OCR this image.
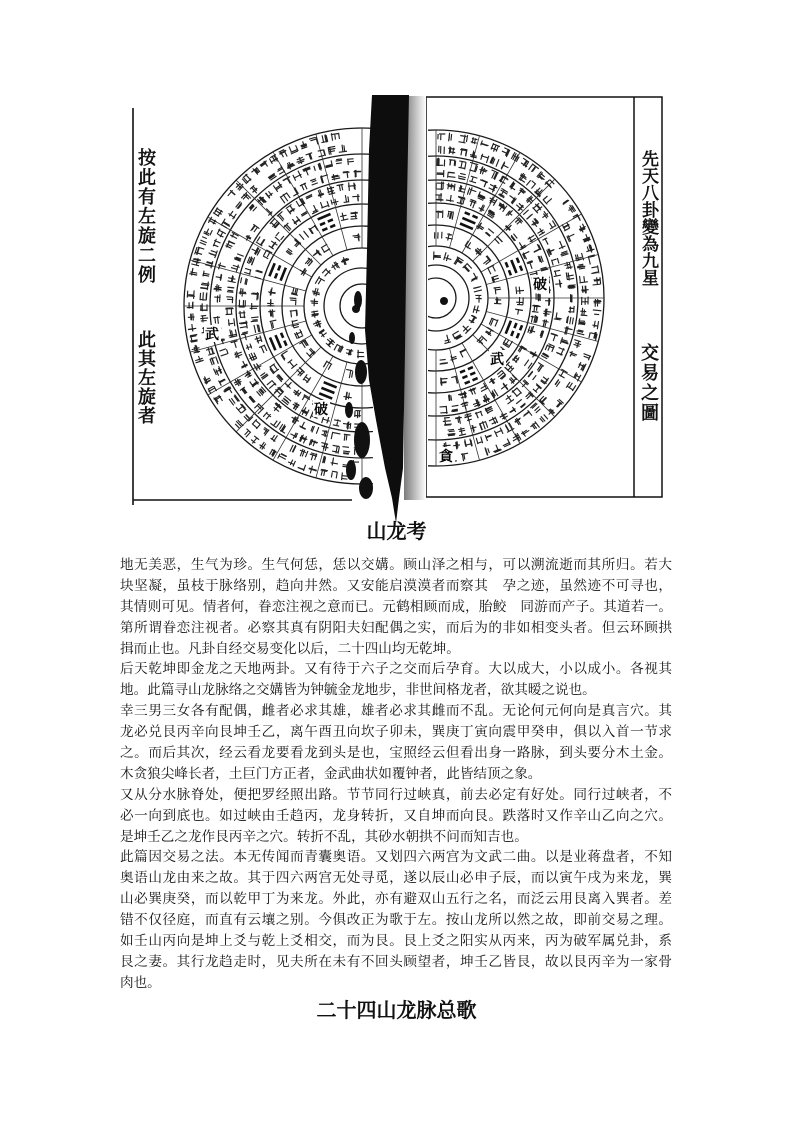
破
武
破
武
貪
按此有左旋二例
此其左旋者
先天八卦變為九星
交易之圖
山龙考
地无美恶，生气为珍。生气何恁，恁以交媾。顾山泽之相与，可以溯流逝而其所归。若大
块坚凝，虽枝于脉络别，趋向井然。又安能启漠漠者而察其　孕之迹，虽然迹不可寻也，
其情则可见。情者何，眷恋注视之意而已。元鹤相顾而成，胎鲛　同游而产子。其道若一。
第所谓眷恋注视者。必察其真有阴阳夫妇配偶之实，而后为的非如相变头者。但云环顾拱
揖而止也。凡卦自经交易变化以后，二十四山均无乾坤。
后天乾坤即金龙之天地两卦。又有待于六子之交而后孕育。大以成大，小以成小。各视其
地。此篇寻山龙脉络之交媾皆为钟毓金龙地步，非世间格龙者，欲其暧之说也。
幸三男三女各有配偶，雌者必求其雄，雄者必求其雌而不乱。无论何元何向是真言穴。其
龙必兑艮丙辛向艮坤壬乙，离午酉丑向坎子卯未，巽庚丁寅向震甲癸申，俱以入首一节求
之。而后其次，经云看龙要看龙到头是也，宝照经云但看出身一路脉，到头要分木土金。
木贪狼尖峰长者，土巨门方正者，金武曲状如覆钟者，此皆结顶之象。
又从分水脉脊处，便把罗经照出路。节节同行过峡真，前去必定有好处。同行过峡者，不
必一向到底也。如过峡由壬趋丙，龙身转折，又自坤而向艮。跌落时又作辛山乙向之穴。
是坤壬乙之龙作艮丙辛之穴。转折不乱，其砂水朝拱不问而知吉也。
此篇因交易之法。本无传闻而青囊奥语。又划四六两宫为文武二曲。以是业蒋盘者，不知
奥语山龙由来之故。其于四六两宫无处寻觅，遂以辰山必申子辰，而以寅午戌为来龙，巽
山必巽庚癸，而以乾甲丁为来龙。外此，亦有避双山五行之名，而泛云用艮离入巽者。差
错不仅径庭，而直有云壤之别。今俱改正为歌于左。按山龙所以然之故，即前交易之理。
如壬山丙向是坤上爻与乾上爻相交，而为艮。艮上爻之阳实从丙来，丙为破军属兑卦，系
艮之妻。其行龙趋走时，见夫所在未有不回头顾望者，坤壬乙皆艮，故以艮丙辛为一家骨
肉也。
二十四山龙脉总歌
